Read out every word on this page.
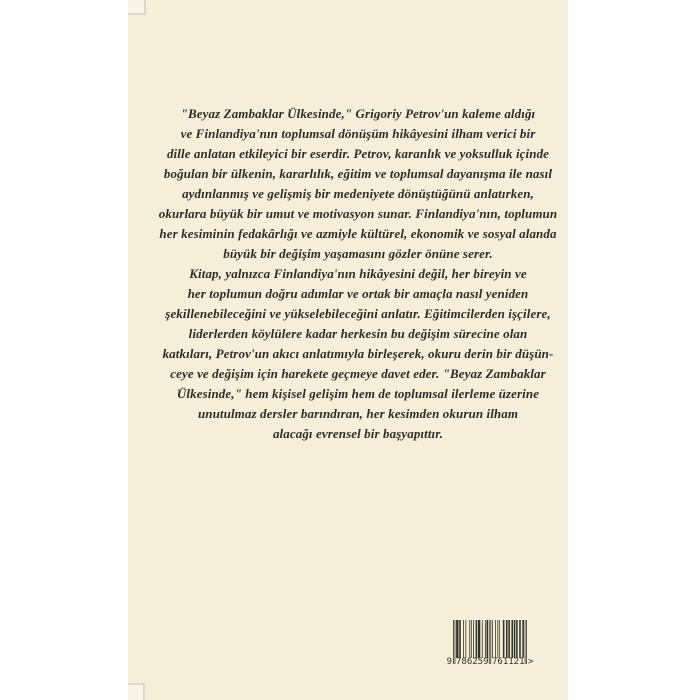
"Beyaz Zambaklar Ülkesinde," Grigoriy Petrov'un kaleme aldığı
ve Finlandiya'nın toplumsal dönüşüm hikâyesini ilham verici bir
dille anlatan etkileyici bir eserdir. Petrov, karanlık ve yoksulluk içinde
boğulan bir ülkenin, kararlılık, eğitim ve toplumsal dayanışma ile nasıl
aydınlanmış ve gelişmiş bir medeniyete dönüştüğünü anlatırken,
okurlara büyük bir umut ve motivasyon sunar. Finlandiya'nın, toplumun
her kesiminin fedakârlığı ve azmiyle kültürel, ekonomik ve sosyal alanda
büyük bir değişim yaşamasını gözler önüne serer.
Kitap, yalnızca Finlandiya'nın hikâyesini değil, her bireyin ve
her toplumun doğru adımlar ve ortak bir amaçla nasıl yeniden
şekillenebileceğini ve yükselebileceğini anlatır. Eğitimcilerden işçilere,
liderlerden köylülere kadar herkesin bu değişim sürecine olan
katkıları, Petrov'un akıcı anlatımıyla birleşerek, okuru derin bir düşün-
ceye ve değişim için harekete geçmeye davet eder. "Beyaz Zambaklar
Ülkesinde," hem kişisel gelişim hem de toplumsal ilerleme üzerine
unutulmaz dersler barındıran, her kesimden okurun ilham
alacağı evrensel bir başyapıttır.
9 786259 761121 >
